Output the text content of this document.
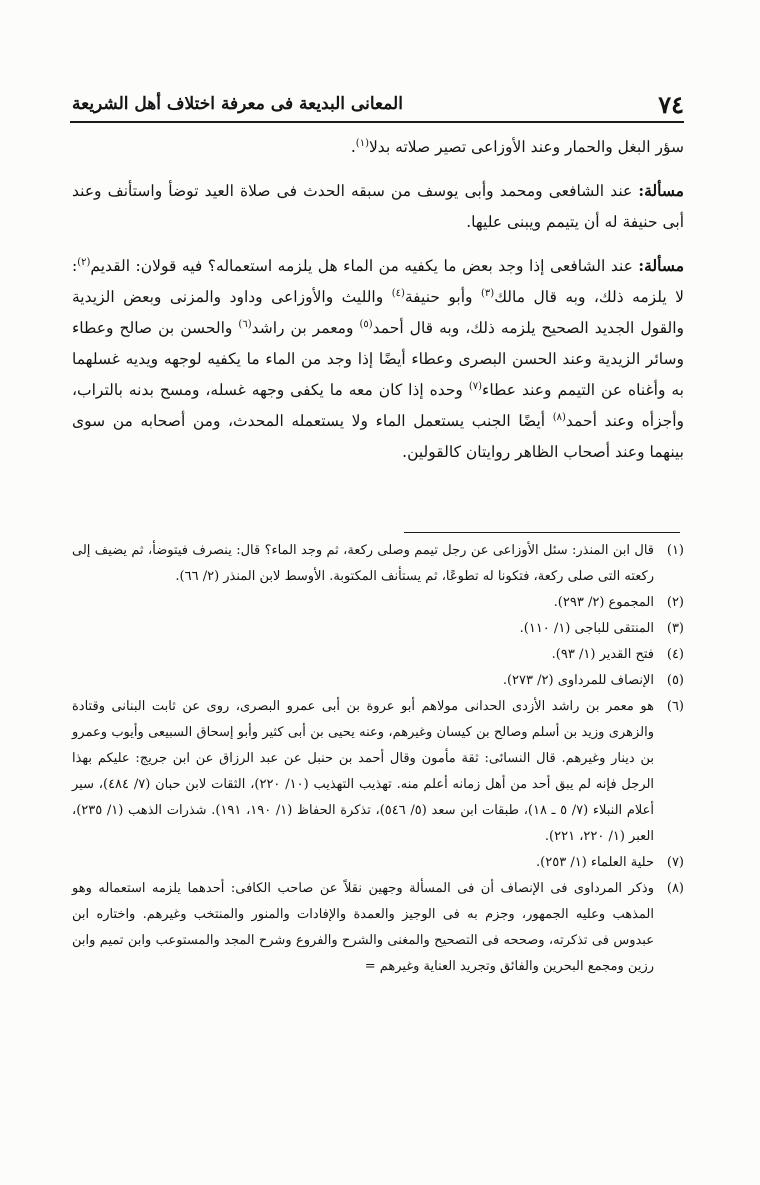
٧٤
المعانى البديعة فى معرفة اختلاف أهل الشريعة

سؤر البغل والحمار وعند الأوزاعى تصير صلاته بدلا$^{(١)}$.

مسألة: عند الشافعى ومحمد وأبى يوسف من سبقه الحدث فى صلاة العيد توضأ واستأنف وعند أبى حنيفة له أن يتيمم ويبنى عليها.

مسألة: عند الشافعى إذا وجد بعض ما يكفيه من الماء هل يلزمه استعماله؟ فيه قولان: القديم$^{(٢)}$: لا يلزمه ذلك، وبه قال مالك$^{(٣)}$ وأبو حنيفة$^{(٤)}$ والليث والأوزاعى وداود والمزنى وبعض الزيدية والقول الجديد الصحيح يلزمه ذلك، وبه قال أحمد$^{(٥)}$ ومعمر بن راشد$^{(٦)}$ والحسن بن صالح وعطاء وسائر الزيدية وعند الحسن البصرى وعطاء أيضًا إذا وجد من الماء ما يكفيه لوجهه ويديه غسلهما به وأغناه عن التيمم وعند عطاء$^{(٧)}$ وحده إذا كان معه ما يكفى وجهه غسله، ومسح بدنه بالتراب، وأجزأه وعند أحمد$^{(٨)}$ أيضًا الجنب يستعمل الماء ولا يستعمله المحدث، ومن أصحابه من سوى بينهما وعند أصحاب الظاهر روايتان كالقولين.

(١)
قال ابن المنذر: سئل الأوزاعى عن رجل تيمم وصلى ركعة، ثم وجد الماء؟ قال: ينصرف فيتوضأ، ثم يضيف إلى ركعته التى صلى ركعة، فتكونا له تطوعًا، ثم يستأنف المكتوبة. الأوسط لابن المنذر (٢/ ٦٦).

(٢)
المجموع (٢/ ٢٩٣).

(٣)
المنتقى للباجى (١/ ١١٠).

(٤)
فتح القدير (١/ ٩٣).

(٥)
الإنصاف للمرداوى (٢/ ٢٧٣).

(٦)
هو معمر بن راشد الأزدى الحدانى مولاهم أبو عروة بن أبى عمرو البصرى، روى عن ثابت البنانى وقتادة والزهرى وزيد بن أسلم وصالح بن كيسان وغيرهم، وعنه يحيى بن أبى كثير وأبو إسحاق السبيعى وأيوب وعمرو بن دينار وغيرهم. قال النسائى: ثقة مأمون وقال أحمد بن حنبل عن عبد الرزاق عن ابن جريج: عليكم بهذا الرجل فإنه لم يبق أحد من أهل زمانه أعلم منه. تهذيب التهذيب (١٠/ ٢٢٠)، الثقات لابن حبان (٧/ ٤٨٤)، سير أعلام النبلاء (٧/ ٥ ـ ١٨)، طبقات ابن سعد (٥/ ٥٤٦)، تذكرة الحفاظ (١/ ١٩٠، ١٩١). شذرات الذهب (١/ ٢٣٥)، العبر (١/ ٢٢٠، ٢٢١).

(٧)
حلية العلماء (١/ ٢٥٣).

(٨)
وذكر المرداوى فى الإنصاف أن فى المسألة وجهين نقلاً عن صاحب الكافى: أحدهما يلزمه استعماله وهو المذهب وعليه الجمهور، وجزم به فى الوجيز والعمدة والإفادات والمنور والمنتخب وغيرهم. واختاره ابن عبدوس فى تذكرته، وصححه فى التصحيح والمغنى والشرح والفروع وشرح المجد والمستوعب وابن تميم وابن رزين ومجمع البحرين والفائق وتجريد العناية وغيرهم =
